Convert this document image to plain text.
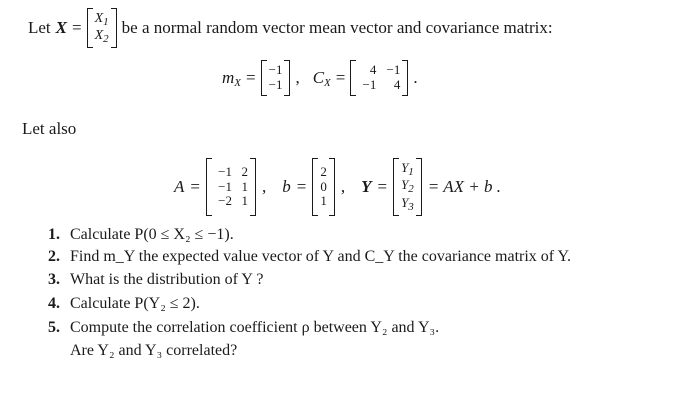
Let $X = X_1$
$X_2$
be a normal random vector mean vector and covariance matrix:
$m_X = -1$
−1 , $C_X$ =	4 −1
−1	4 .
Let also
A =
−1 2
−1 1
−2 1
, b =
2
0
1
, Y =
$Y_1$
$Y_2$
$Y_3$
= AX + b .
1. Calculate P(0 ≤ X₂ ≤ −1).
2. Find m_Y the expected value vector of Y and C_Y the covariance matrix of Y.
3. What is the distribution of Y ?
4. Calculate P(Y₂ ≤ 2).
5. Compute the correlation coefficient ρ between Y₂ and Y₃.
Are Y₂ and Y₃ correlated?
